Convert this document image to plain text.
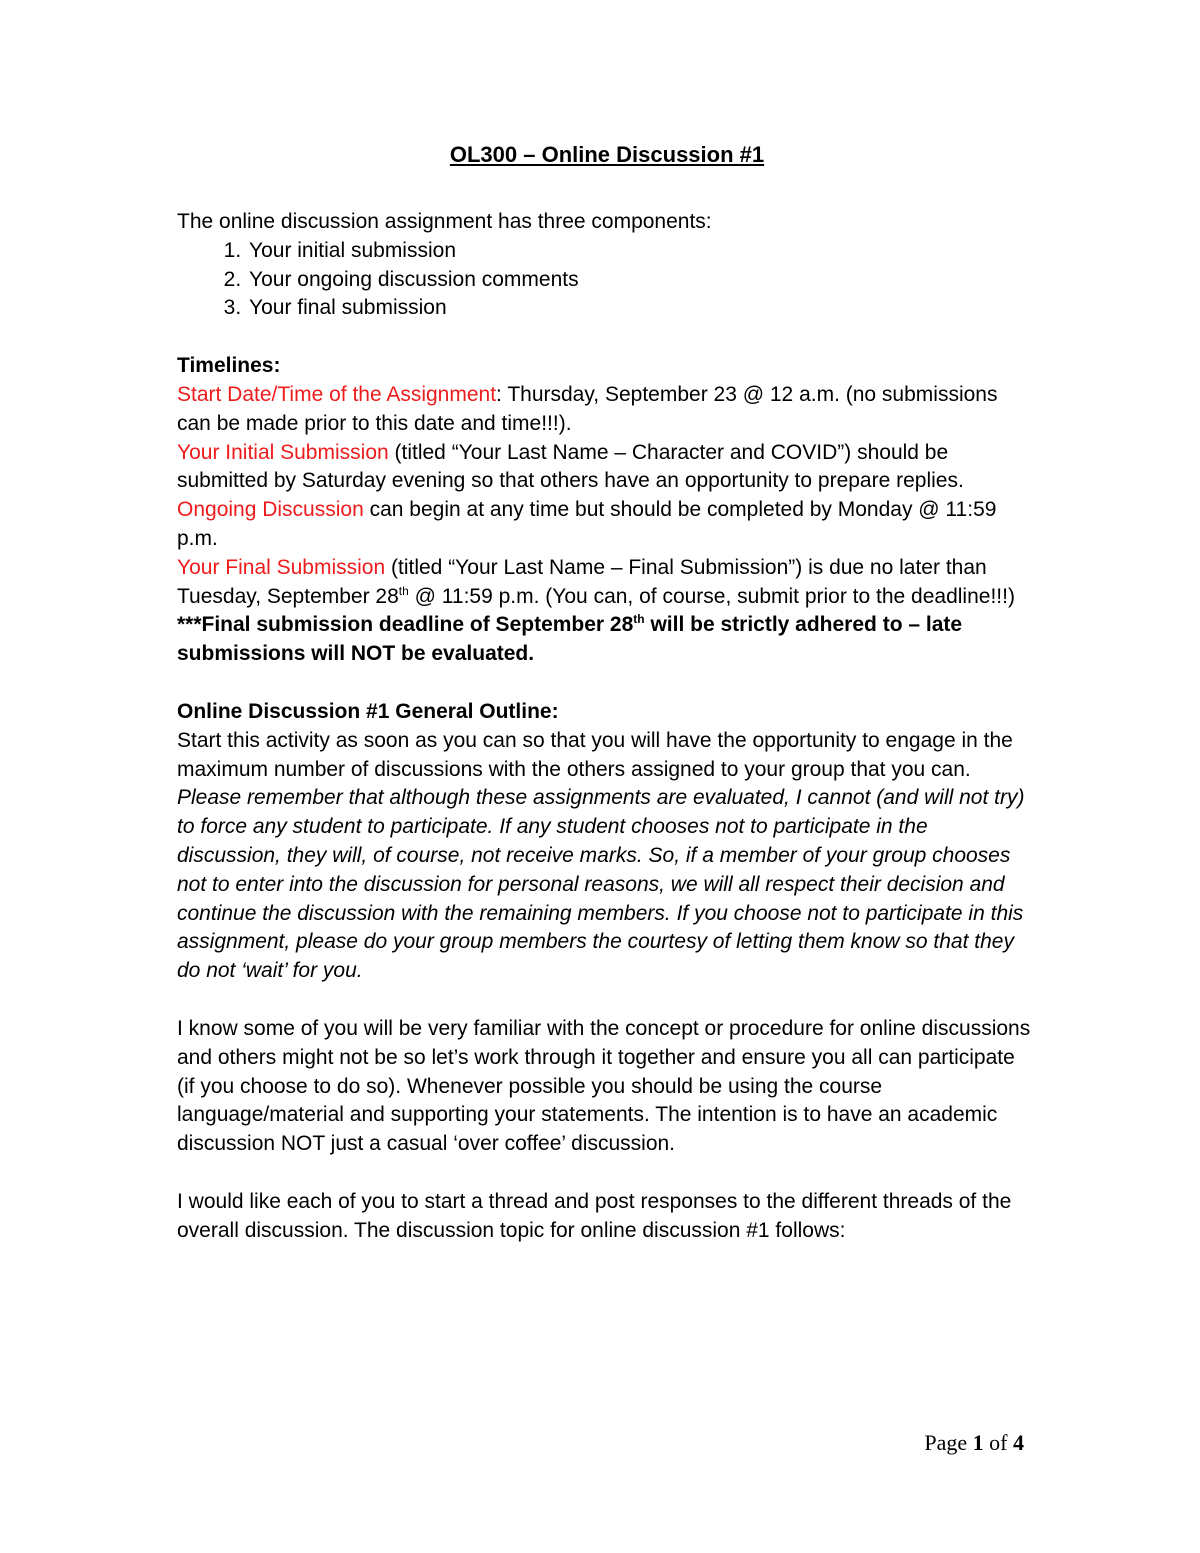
OL300 – Online Discussion #1

The online discussion assignment has three components:

1. Your initial submission
2. Your ongoing discussion comments
3. Your final submission

Timelines:

Start Date/Time of the Assignment: Thursday, September 23 @ 12 a.m. (no submissions can be made prior to this date and time!!!).

Your Initial Submission (titled “Your Last Name – Character and COVID”) should be submitted by Saturday evening so that others have an opportunity to prepare replies.

Ongoing Discussion can begin at any time but should be completed by Monday @ 11:59 p.m.

Your Final Submission (titled “Your Last Name – Final Submission”) is due no later than Tuesday, September 28th @ 11:59 p.m. (You can, of course, submit prior to the deadline!!!)

***Final submission deadline of September 28th will be strictly adhered to – late submissions will NOT be evaluated.

Online Discussion #1 General Outline:

Start this activity as soon as you can so that you will have the opportunity to engage in the maximum number of discussions with the others assigned to your group that you can. Please remember that although these assignments are evaluated, I cannot (and will not try) to force any student to participate. If any student chooses not to participate in the discussion, they will, of course, not receive marks. So, if a member of your group chooses not to enter into the discussion for personal reasons, we will all respect their decision and continue the discussion with the remaining members. If you choose not to participate in this assignment, please do your group members the courtesy of letting them know so that they do not ‘wait’ for you.

I know some of you will be very familiar with the concept or procedure for online discussions and others might not be so let’s work through it together and ensure you all can participate (if you choose to do so). Whenever possible you should be using the course language/material and supporting your statements. The intention is to have an academic discussion NOT just a casual ‘over coffee’ discussion.

I would like each of you to start a thread and post responses to the different threads of the overall discussion. The discussion topic for online discussion #1 follows:

Page 1 of 4
